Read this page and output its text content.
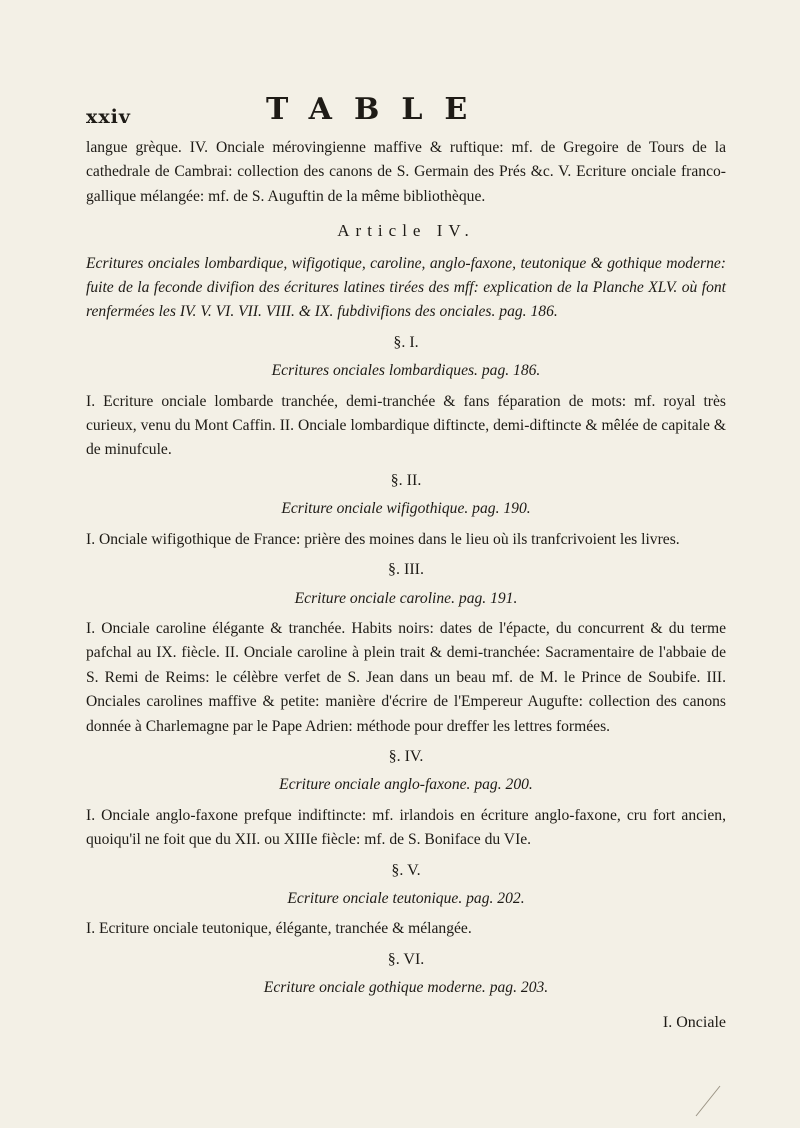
xxiv	TABLE

langue grèque. IV. Onciale mérovingienne maffive & ruftique: mf. de Gregoire de Tours de la cathedrale de Cambrai: collection des canons de S. Germain des Prés &c. V. Ecriture onciale franco-gallique mélangée: mf. de S. Auguftin de la même bibliothèque.

Article IV.

Ecritures onciales lombardique, wifigotique, caroline, anglo-faxone, teutonique & gothique moderne: fuite de la feconde divifion des écritures latines tirées des mff: explication de la Planche XLV. où font renfermées les IV. V. VI. VII. VIII. & IX. fubdivifions des onciales. pag. 186.

§. I.
Ecritures onciales lombardiques. pag. 186.

I. Ecriture onciale lombarde tranchée, demi-tranchée & fans féparation de mots: mf. royal très curieux, venu du Mont Caffin. II. Onciale lombardique diftincte, demi-diftincte & mêlée de capitale & de minufcule.

§. II.
Ecriture onciale wifigothique. pag. 190.

I. Onciale wifigothique de France: prière des moines dans le lieu où ils tranfcrivoient les livres.

§. III.
Ecriture onciale caroline. pag. 191.

I. Onciale caroline élégante & tranchée. Habits noirs: dates de l'épacte, du concurrent & du terme pafchal au IX. fiècle. II. Onciale caroline à plein trait & demi-tranchée: Sacramentaire de l'abbaie de S. Remi de Reims: le célèbre verfet de S. Jean dans un beau mf. de M. le Prince de Soubife. III. Onciales carolines maffive & petite: manière d'écrire de l'Empereur Augufte: collection des canons donnée à Charlemagne par le Pape Adrien: méthode pour dreffer les lettres formées.

§. IV.
Ecriture onciale anglo-faxone. pag. 200.

I. Onciale anglo-faxone prefque indiftincte: mf. irlandois en écriture anglo-faxone, cru fort ancien, quoiqu'il ne foit que du XII. ou XIIIe fiècle: mf. de S. Boniface du VIe.

§. V.
Ecriture onciale teutonique. pag. 202.

I. Ecriture onciale teutonique, élégante, tranchée & mélangée.

§. VI.
Ecriture onciale gothique moderne. pag. 203.
I. Onciale
